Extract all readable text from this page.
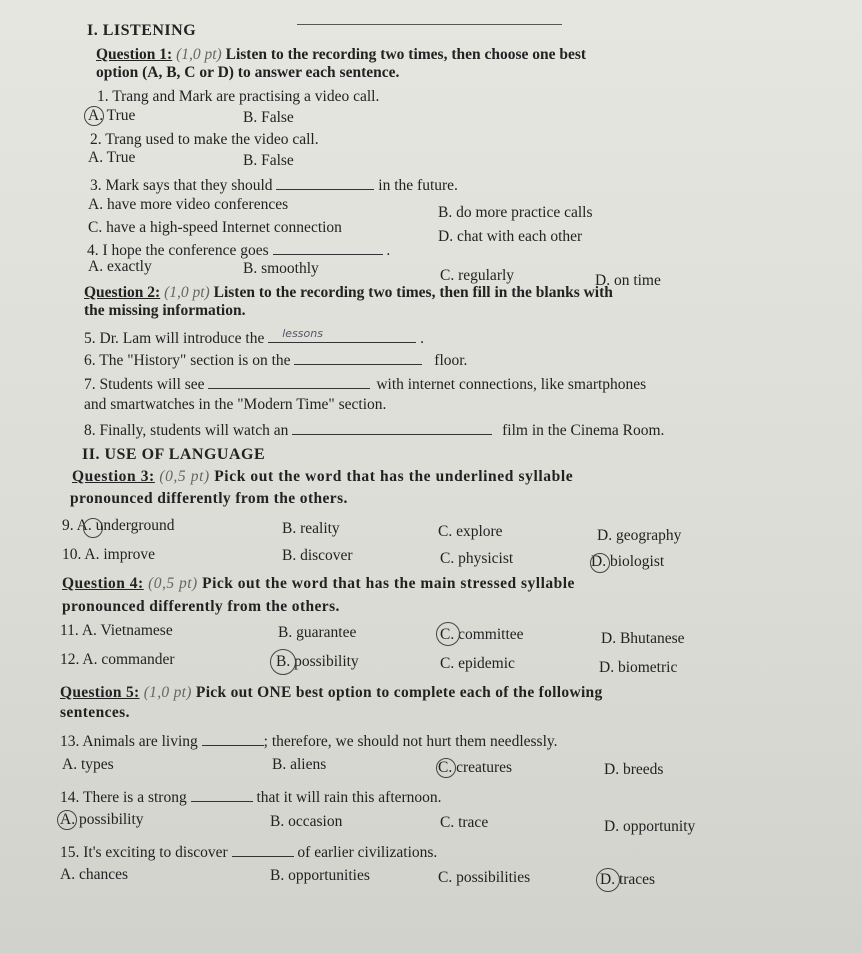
I. LISTENING
Question 1: (1,0 pt) Listen to the recording two times, then choose one best
option (A, B, C or D) to answer each sentence.
1. Trang and Mark are practising a video call.
A. True	B. False
2. Trang used to make the video call.
A. True	B. False
3. Mark says that they should	in the future.
A. have more video conferences	B. do more practice calls
C. have a high-speed Internet connection
D. chat with each other
4. I hope the conference goes	.
A. exactly	B. smoothly	C. regularly	D. on time
Question 2: (1,0 pt) Listen to the recording two times, then fill in the blanks with
the missing information.
5. Dr. Lam will introduce the lessons	.
6. The "History" section is on the	floor.
7. Students will see	with internet connections, like smartphones
and smartwatches in the "Modern Time" section.
8. Finally, students will watch an	film in the Cinema Room.
II. USE OF LANGUAGE
Question 3: (0,5 pt) Pick out the word that has the underlined syllable
pronounced differently from the others.
9. A. underground	B. reality	C. explore	D. geography
10. A. improve	B. discover	C. physicist	D. biologist
Question 4: (0,5 pt) Pick out the word that has the main stressed syllable
pronounced differently from the others.
11. A. Vietnamese	B. guarantee	C. committee	D. Bhutanese
12. A. commander	B. possibility	C. epidemic	D. biometric
Question 5: (1,0 pt) Pick out ONE best option to complete each of the following
sentences.
13. Animals are living	; therefore, we should not hurt them needlessly.
A. types	B. aliens	C. creatures	D. breeds
14. There is a strong	that it will rain this afternoon.
A. possibility	B. occasion	C. trace	D. opportunity
15. It's exciting to discover	of earlier civilizations.
A. chances	B. opportunities	C. possibilities	D. traces
